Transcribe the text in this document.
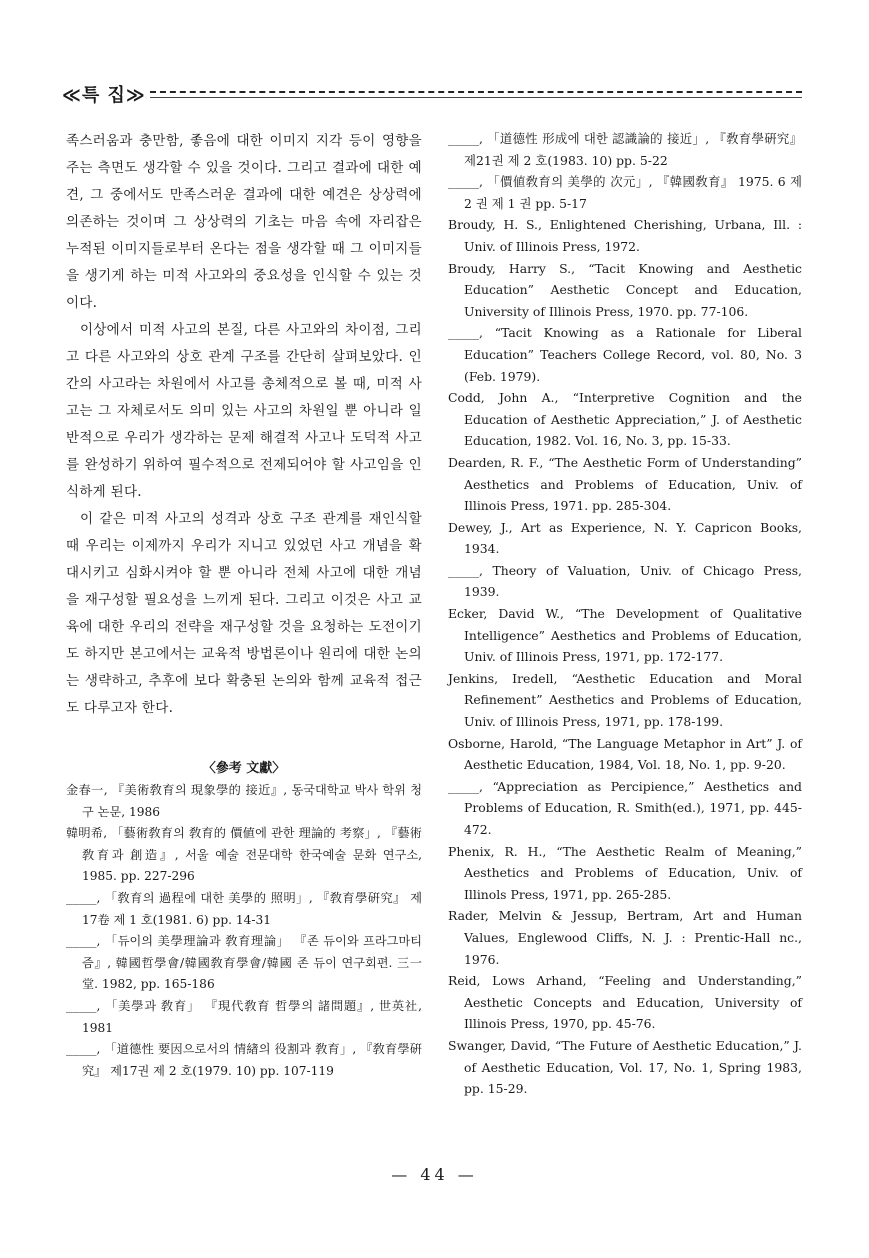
≪특 집≫

족스러움과 충만함, 좋음에 대한 이미지 지각 등이 영향을 주는 측면도 생각할 수 있을 것이다. 그리고 결과에 대한 예견, 그 중에서도 만족스러운 결과에 대한 예견은 상상력에 의존하는 것이며 그 상상력의 기초는 마음 속에 자리잡은 누적된 이미지들로부터 온다는 점을 생각할 때 그 이미지들을 생기게 하는 미적 사고와의 중요성을 인식할 수 있는 것이다.

이상에서 미적 사고의 본질, 다른 사고와의 차이점, 그리고 다른 사고와의 상호 관계 구조를 간단히 살펴보았다. 인간의 사고라는 차원에서 사고를 총체적으로 볼 때, 미적 사고는 그 자체로서도 의미 있는 사고의 차원일 뿐 아니라 일반적으로 우리가 생각하는 문제 해결적 사고나 도덕적 사고를 완성하기 위하여 필수적으로 전제되어야 할 사고임을 인식하게 된다.

이 같은 미적 사고의 성격과 상호 구조 관계를 재인식할 때 우리는 이제까지 우리가 지니고 있었던 사고 개념을 확대시키고 심화시켜야 할 뿐 아니라 전체 사고에 대한 개념을 재구성할 필요성을 느끼게 된다. 그리고 이것은 사고 교육에 대한 우리의 전략을 재구성할 것을 요청하는 도전이기도 하지만 본고에서는 교육적 방법론이나 원리에 대한 논의는 생략하고, 추후에 보다 확충된 논의와 함께 교육적 접근도 다루고자 한다.

〈參考 文獻〉

金春一, 『美術敎育의 現象學的 接近』, 동국대학교 박사 학위 청구 논문, 1986

韓明希, 「藝術敎育의 敎育的 價値에 관한 理論的 考察」, 『藝術敎育과 創造』, 서울 예술 전문대학 한국예술 문화 연구소, 1985. pp. 227-296

_____, 「敎育의 過程에 대한 美學的 照明」, 『敎育學硏究』 제17卷 제 1 호(1981. 6) pp. 14-31

_____, 「듀이의 美學理論과 敎育理論」 『존 듀이와 프라그마티즘』, 韓國哲學會/韓國敎育學會/韓國 존 듀이 연구회편. 三一堂. 1982, pp. 165-186

_____, 「美學과 敎育」 『現代敎育 哲學의 諸問題』, 世英社, 1981

_____, 「道德性 要因으로서의 情緖의 役割과 敎育」, 『敎育學硏究』 제17권 제 2 호(1979. 10) pp. 107-119

_____, 「道德性 形成에 대한 認識論的 接近」, 『敎育學硏究』 제21권 제 2 호(1983. 10) pp. 5-22

_____, 「價値敎育의 美學的 次元」, 『韓國敎育』 1975. 6 제 2 권 제 1 권 pp. 5-17

Broudy, H. S., Enlightened Cherishing, Urbana, Ill. : Univ. of Illinois Press, 1972.

Broudy, Harry S., “Tacit Knowing and Aesthetic Education” Aesthetic Concept and Education, University of Illinois Press, 1970. pp. 77-106.

_____, “Tacit Knowing as a Rationale for Liberal Education” Teachers College Record, vol. 80, No. 3 (Feb. 1979).

Codd, John A., “Interpretive Cognition and the Education of Aesthetic Appreciation,” J. of Aesthetic Education, 1982. Vol. 16, No. 3, pp. 15-33.

Dearden, R. F., “The Aesthetic Form of Understanding” Aesthetics and Problems of Education, Univ. of Illinois Press, 1971. pp. 285-304.

Dewey, J., Art as Experience, N. Y. Capricon Books, 1934.

_____, Theory of Valuation, Univ. of Chicago Press, 1939.

Ecker, David W., “The Development of Qualitative Intelligence” Aesthetics and Problems of Education, Univ. of Illinois Press, 1971, pp. 172-177.

Jenkins, Iredell, “Aesthetic Education and Moral Refinement” Aesthetics and Problems of Education, Univ. of Illinois Press, 1971, pp. 178-199.

Osborne, Harold, “The Language Metaphor in Art” J. of Aesthetic Education, 1984, Vol. 18, No. 1, pp. 9-20.

_____, “Appreciation as Percipience,” Aesthetics and Problems of Education, R. Smith(ed.), 1971, pp. 445-472.

Phenix, R. H., “The Aesthetic Realm of Meaning,” Aesthetics and Problems of Education, Univ. of Illinols Press, 1971, pp. 265-285.

Rader, Melvin & Jessup, Bertram, Art and Human Values, Englewood Cliffs, N. J. : Prentic-Hall nc., 1976.

Reid, Lows Arhand, “Feeling and Understanding,” Aesthetic Concepts and Education, University of Illinois Press, 1970, pp. 45-76.

Swanger, David, “The Future of Aesthetic Education,” J. of Aesthetic Education, Vol. 17, No. 1, Spring 1983, pp. 15-29.

— 44 —
